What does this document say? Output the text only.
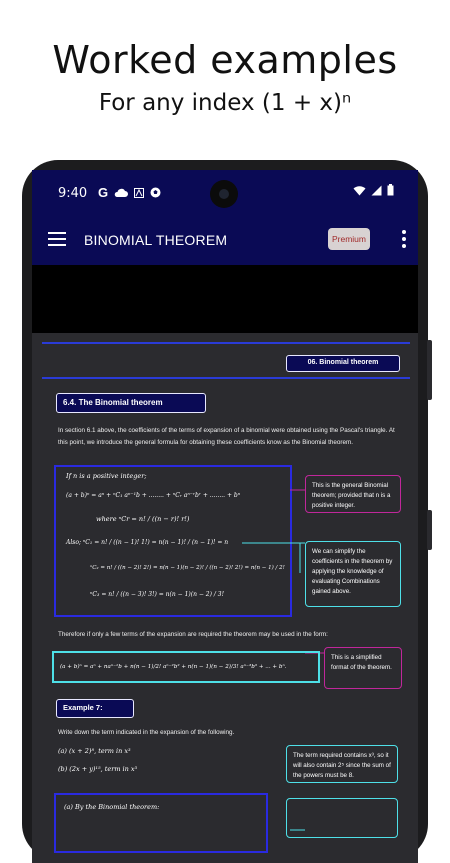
Worked examples
For any index (1 + x)ⁿ
9:40 G
BINOMIAL THEOREM	Premium
06. Binomial theorem
6.4. The Binomial theorem
In section 6.1 above, the coefficients of the terms of expansion of a binomial were obtained using the Pascal's triangle. At this point, we introduce the general formula for obtaining these coefficients know as the Binomial theorem.
If n is a positive integer;
(a + b)ⁿ = aⁿ + ⁿC₁ aⁿ⁻¹b + ........ + ⁿCᵣ aⁿ⁻ʳbʳ + ........ + bⁿ
where ⁿCr = n! / ((n − r)! r!)
Also; ⁿC₁ = n! / ((n − 1)! 1!) = n(n − 1)! / (n − 1)! = n
ⁿC₂ = n! / ((n − 2)! 2!) = n(n − 1)(n − 2)! / ((n − 2)! 2!) = n(n − 1) / 2!
ⁿC₃ = n! / ((n − 3)! 3!) = n(n − 1)(n − 2) / 3!
This is the general Binomial theorem; provided that n is a positive integer.
We can simplify the coefficients in the theorem by applying the knowledge of evaluating Combinations gained above.
Therefore if only a few terms of the expansion are required the theorem may be used in the form:
(a + b)ⁿ = aⁿ + naⁿ⁻¹b + n(n − 1)/2! aⁿ⁻²b² + n(n − 1)(n − 2)/3! aⁿ⁻³b³ + ... + bⁿ.
This is a simplified format of the theorem.
Example 7:
Write down the term indicated in the expansion of the following.
(a) (x + 2)⁸, term in x³
(b) (2x + y)¹⁵, term in x³
The term required contains x³, so it will also contain 2⁵ since the sum of the powers must be 8.
(a) By the Binomial theorem:
